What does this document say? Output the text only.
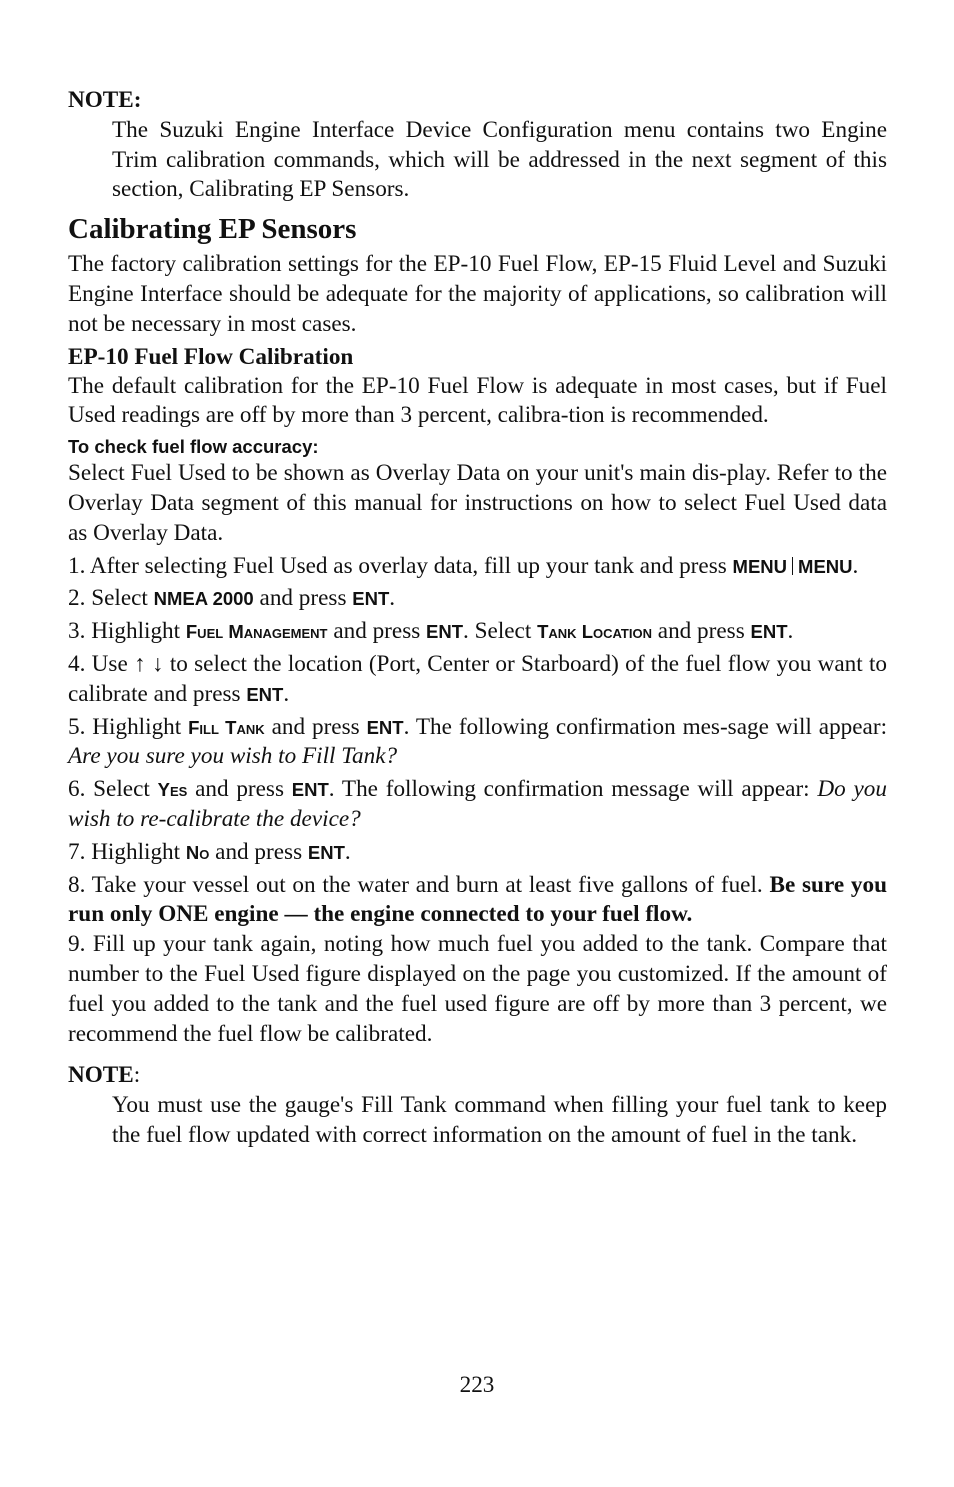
NOTE:

The Suzuki Engine Interface Device Configuration menu contains two Engine Trim calibration commands, which will be addressed in the next segment of this section, Calibrating EP Sensors.

Calibrating EP Sensors

The factory calibration settings for the EP-10 Fuel Flow, EP-15 Fluid Level and Suzuki Engine Interface should be adequate for the majority of applications, so calibration will not be necessary in most cases.

EP-10 Fuel Flow Calibration

The default calibration for the EP-10 Fuel Flow is adequate in most cases, but if Fuel Used readings are off by more than 3 percent, calibra-tion is recommended.

To check fuel flow accuracy:

Select Fuel Used to be shown as Overlay Data on your unit's main dis-play. Refer to the Overlay Data segment of this manual for instructions on how to select Fuel Used data as Overlay Data.

1. After selecting Fuel Used as overlay data, fill up your tank and press MENU MENU.

2. Select NMEA 2000 and press ENT.

3. Highlight Fuel Management and press ENT. Select Tank Location and press ENT.

4. Use ↑ ↓ to select the location (Port, Center or Starboard) of the fuel flow you want to calibrate and press ENT.

5. Highlight Fill Tank and press ENT. The following confirmation mes-sage will appear: Are you sure you wish to Fill Tank?

6. Select Yes and press ENT. The following confirmation message will appear: Do you wish to re-calibrate the device?

7. Highlight No and press ENT.

8. Take your vessel out on the water and burn at least five gallons of fuel. Be sure you run only ONE engine — the engine connected to your fuel flow.

9. Fill up your tank again, noting how much fuel you added to the tank. Compare that number to the Fuel Used figure displayed on the page you customized. If the amount of fuel you added to the tank and the fuel used figure are off by more than 3 percent, we recommend the fuel flow be calibrated.

NOTE:

You must use the gauge's Fill Tank command when filling your fuel tank to keep the fuel flow updated with correct information on the amount of fuel in the tank.

223
